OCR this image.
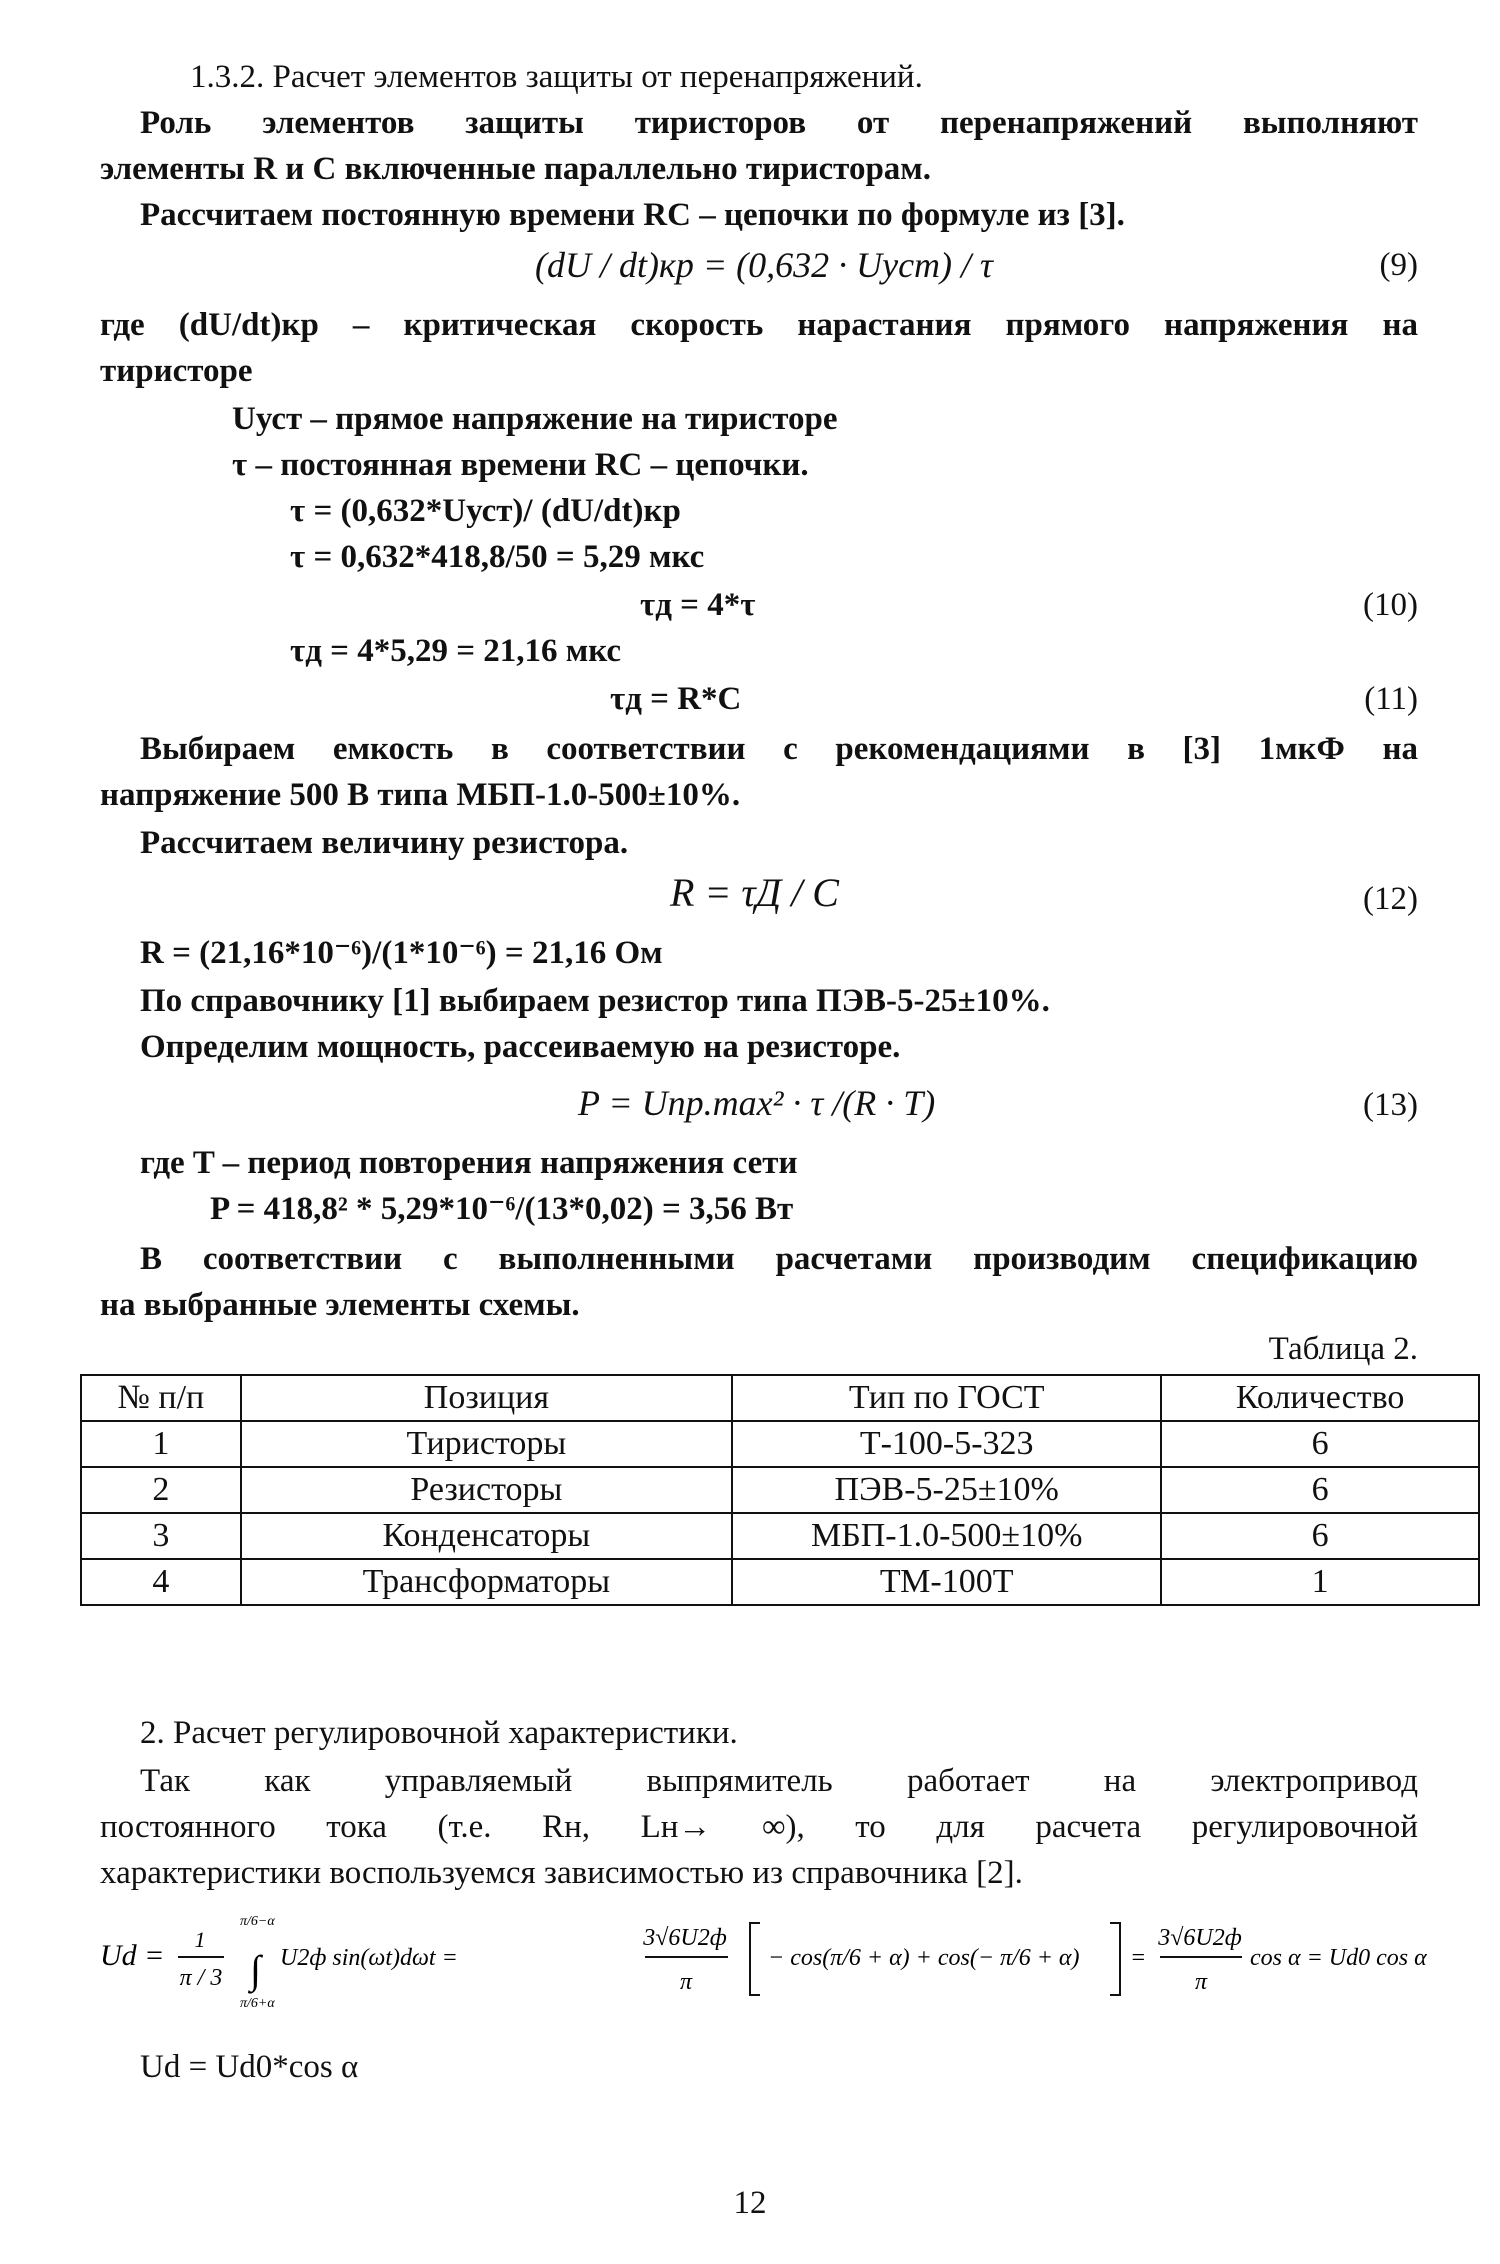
1.3.2. Расчет элементов защиты от перенапряжений.
Роль элементов защиты тиристоров от перенапряжений выполняют
элементы R и C включенные параллельно тиристорам.
Рассчитаем постоянную времени RC – цепочки по формуле из [3].
(dU / dt)кр = (0,632 · Uуст) / τ	(9)
где (dU/dt)кр – критическая скорость нарастания прямого напряжения на
тиристоре
Uуст – прямое напряжение на тиристоре
τ – постоянная времени RC – цепочки.
τ = (0,632*Uуст)/ (dU/dt)кр
τ = 0,632*418,8/50 = 5,29 мкс
τд = 4*τ	(10)
τд = 4*5,29 = 21,16 мкс
τд = R*C	(11)
Выбираем емкость в соответствии с рекомендациями в [3] 1мкФ на
напряжение 500 В типа МБП-1.0-500±10%.
Рассчитаем величину резистора.
R = τД / C	(12)
R = (21,16*10⁻⁶)/(1*10⁻⁶) = 21,16 Ом
По справочнику [1] выбираем резистор типа ПЭВ-5-25±10%.
Определим мощность, рассеиваемую на резисторе.
P = Uпр.max² · τ /(R · T)	(13)
где T – период повторения напряжения сети
P = 418,8² * 5,29*10⁻⁶/(13*0,02) = 3,56 Вт
В соответствии с выполненными расчетами производим спецификацию
на выбранные элементы схемы.
Таблица 2.
№ п/п	Позиция	Тип по ГОСТ	Количество
1	Тиристоры	Т-100-5-323	6
2	Резисторы	ПЭВ-5-25±10%	6
3	Конденсаторы	МБП-1.0-500±10%	6
4	Трансформаторы	ТМ-100Т	1
2. Расчет регулировочной характеристики.
Так как управляемый выпрямитель работает на электропривод
постоянного тока (т.е. Rн, Lн→ ∞), то для расчета регулировочной
характеристики воспользуемся зависимостью из справочника [2].
Ud = 1
π / 3
π/6−α
∫
π/6+α
U2ф sin(ωt)dωt =
3√6U2ф
π
− cos(π/6 + α) + cos(− π/6 + α) =
3√6U2ф
π
cos α = Ud0 cos α
Ud = Ud0*cos α
12
